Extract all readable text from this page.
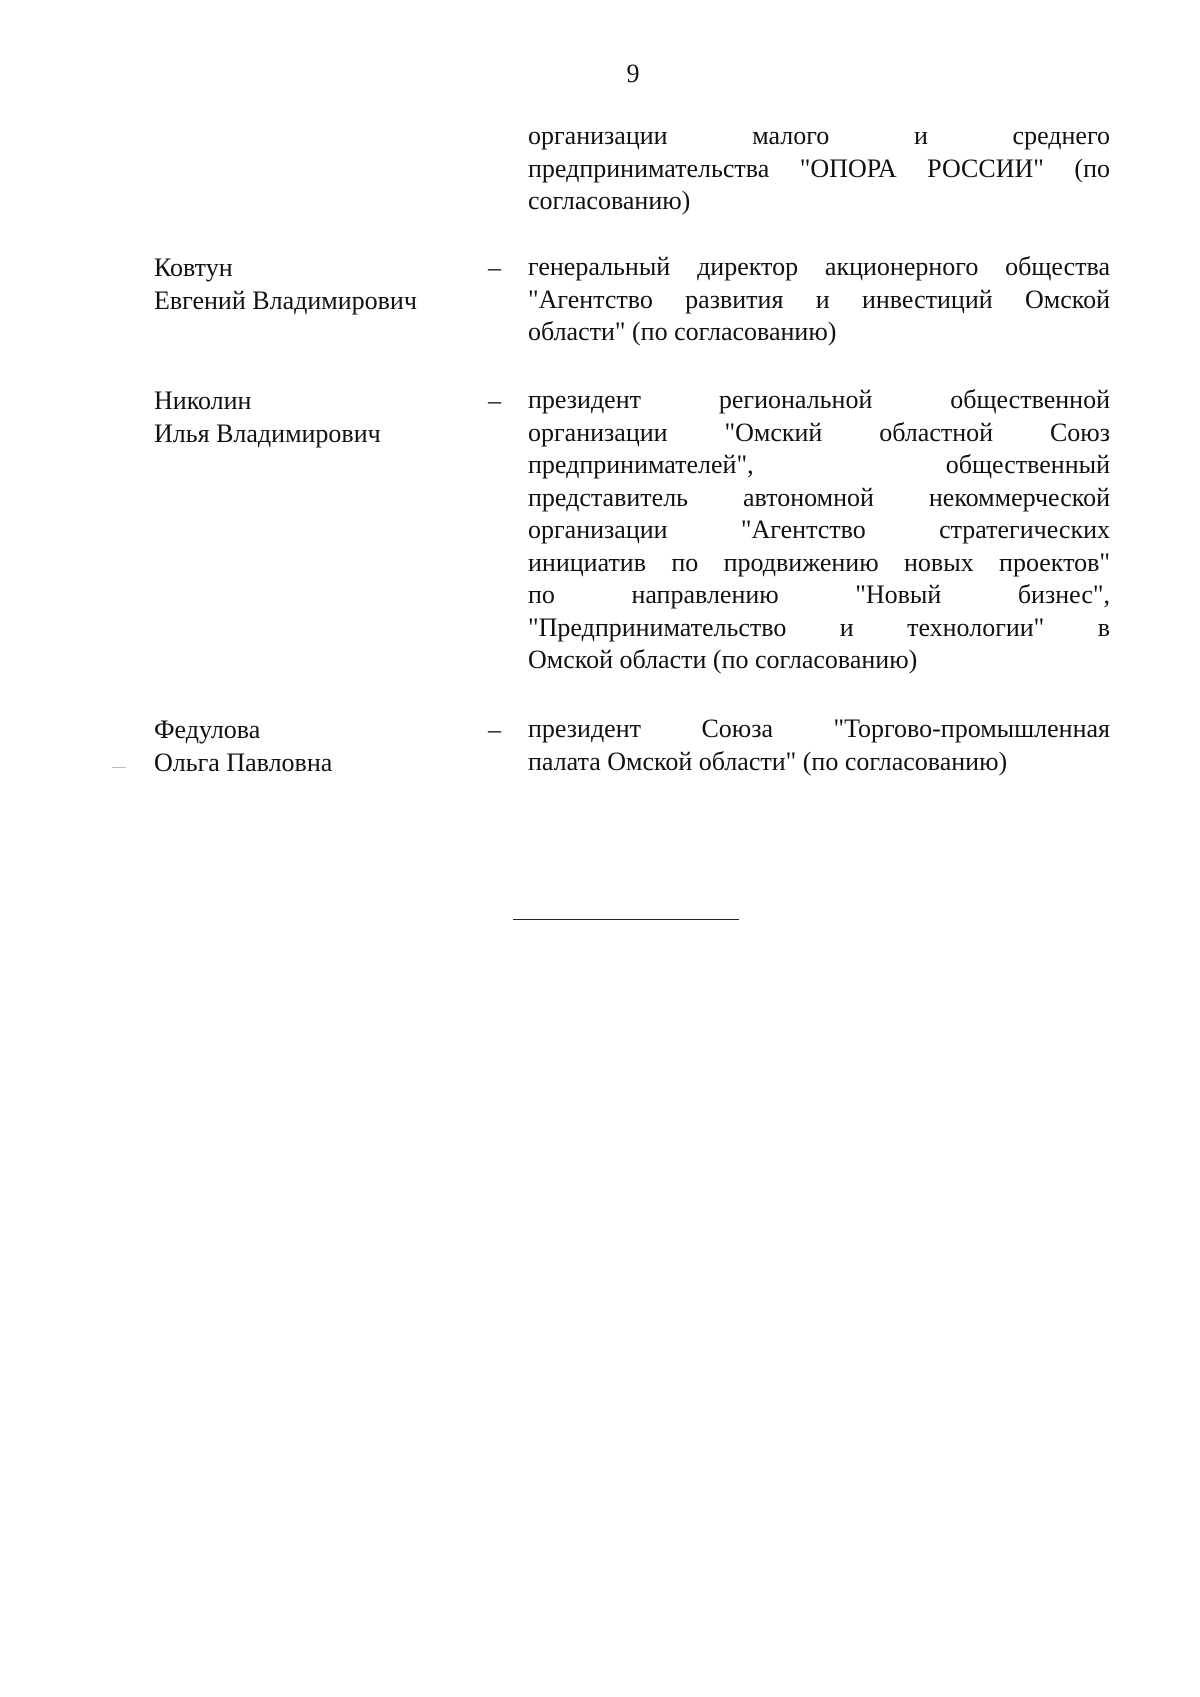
9
организации малого и среднего
предпринимательства "ОПОРА РОССИИ" (по
согласованию)
Ковтун
Евгений Владимирович
– генеральный директор акционерного общества
"Агентство развития и инвестиций Омской
области" (по согласованию)
Николин
Илья Владимирович
– президент региональной общественной
организации "Омский областной Союз
предпринимателей", общественный
представитель автономной некоммерческой
организации "Агентство стратегических
инициатив по продвижению новых проектов"
по направлению "Новый бизнес",
"Предпринимательство и технологии" в
Омской области (по согласованию)
Федулова
Ольга Павловна
– президент Союза "Торгово-промышленная
палата Омской области" (по согласованию)
